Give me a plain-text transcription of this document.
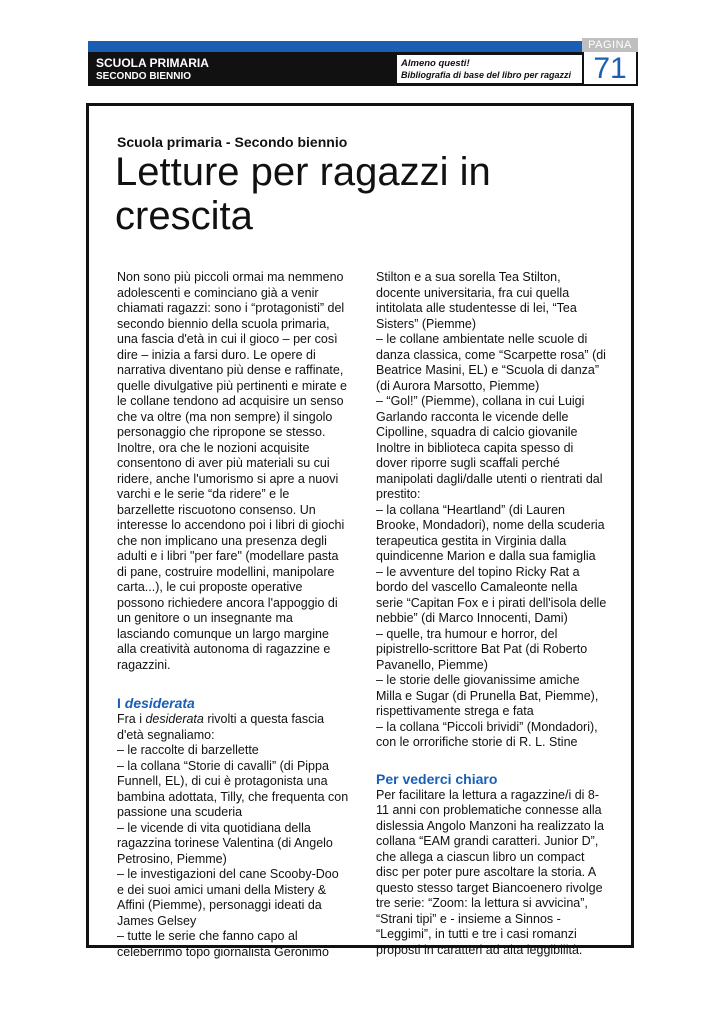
PAGINA
SCUOLA PRIMARIA
SECONDO BIENNIO
Almeno questi!
Bibliografia di base del libro per ragazzi 71
Scuola primaria - Secondo biennio
Letture per ragazzi in crescita

Non sono più piccoli ormai ma nemmeno adolescenti e cominciano già a venir chiamati ragazzi: sono i “protagonisti” del secondo biennio della scuola primaria, una fascia d'età in cui il gioco – per così dire – inizia a farsi duro. Le opere di narrativa diventano più dense e raffinate, quelle divulgative più pertinenti e mirate e le collane tendono ad acquisire un senso che va oltre (ma non sempre) il singolo personaggio che ripropone se stesso. Inoltre, ora che le nozioni acquisite consentono di aver più materiali su cui ridere, anche l'umorismo si apre a nuovi varchi e le serie “da ridere” e le barzellette riscuotono consenso. Un interesse lo accendono poi i libri di giochi che non implicano una presenza degli adulti e i libri "per fare" (modellare pasta di pane, costruire modellini, manipolare carta...), le cui proposte operative possono richiedere ancora l'appoggio di un genitore o un insegnante ma lasciando comunque un largo margine alla creatività autonoma di ragazzine e ragazzini.

I desiderata

Fra i desiderata rivolti a questa fascia d'età segnaliamo:

– le raccolte di barzellette

– la collana “Storie di cavalli” (di Pippa Funnell, EL), di cui è protagonista una bambina adottata, Tilly, che frequenta con passione una scuderia

– le vicende di vita quotidiana della ragazzina torinese Valentina (di Angelo Petrosino, Piemme)

– le investigazioni del cane Scooby-Doo e dei suoi amici umani della Mistery & Affini (Piemme), personaggi ideati da James Gelsey

– tutte le serie che fanno capo al celeberrimo topo giornalista Geronimo

Stilton e a sua sorella Tea Stilton, docente universitaria, fra cui quella intitolata alle studentesse di lei, “Tea Sisters” (Piemme)

– le collane ambientate nelle scuole di danza classica, come “Scarpette rosa” (di Beatrice Masini, EL) e “Scuola di danza” (di Aurora Marsotto, Piemme)

– “Gol!” (Piemme), collana in cui Luigi Garlando racconta le vicende delle Cipolline, squadra di calcio giovanile

Inoltre in biblioteca capita spesso di dover riporre sugli scaffali perché manipolati dagli/dalle utenti o rientrati dal prestito:

– la collana “Heartland” (di Lauren Brooke, Mondadori), nome della scuderia terapeutica gestita in Virginia dalla quindicenne Marion e dalla sua famiglia

– le avventure del topino Ricky Rat a bordo del vascello Camaleonte nella serie “Capitan Fox e i pirati dell'isola delle nebbie” (di Marco Innocenti, Dami)

– quelle, tra humour e horror, del pipistrello-scrittore Bat Pat (di Roberto Pavanello, Piemme)

– le storie delle giovanissime amiche Milla e Sugar (di Prunella Bat, Piemme), rispettivamente strega e fata

– la collana “Piccoli brividi” (Mondadori), con le orrorifiche storie di R. L. Stine

Per vederci chiaro

Per facilitare la lettura a ragazzine/i di 8-11 anni con problematiche connesse alla dislessia Angolo Manzoni ha realizzato la collana “EAM grandi caratteri. Junior D”, che allega a ciascun libro un compact disc per poter pure ascoltare la storia. A questo stesso target Biancoenero rivolge tre serie: “Zoom: la lettura si avvicina”, “Strani tipi” e - insieme a Sinnos - “Leggimi”, in tutti e tre i casi romanzi proposti in caratteri ad alta leggibilità.
